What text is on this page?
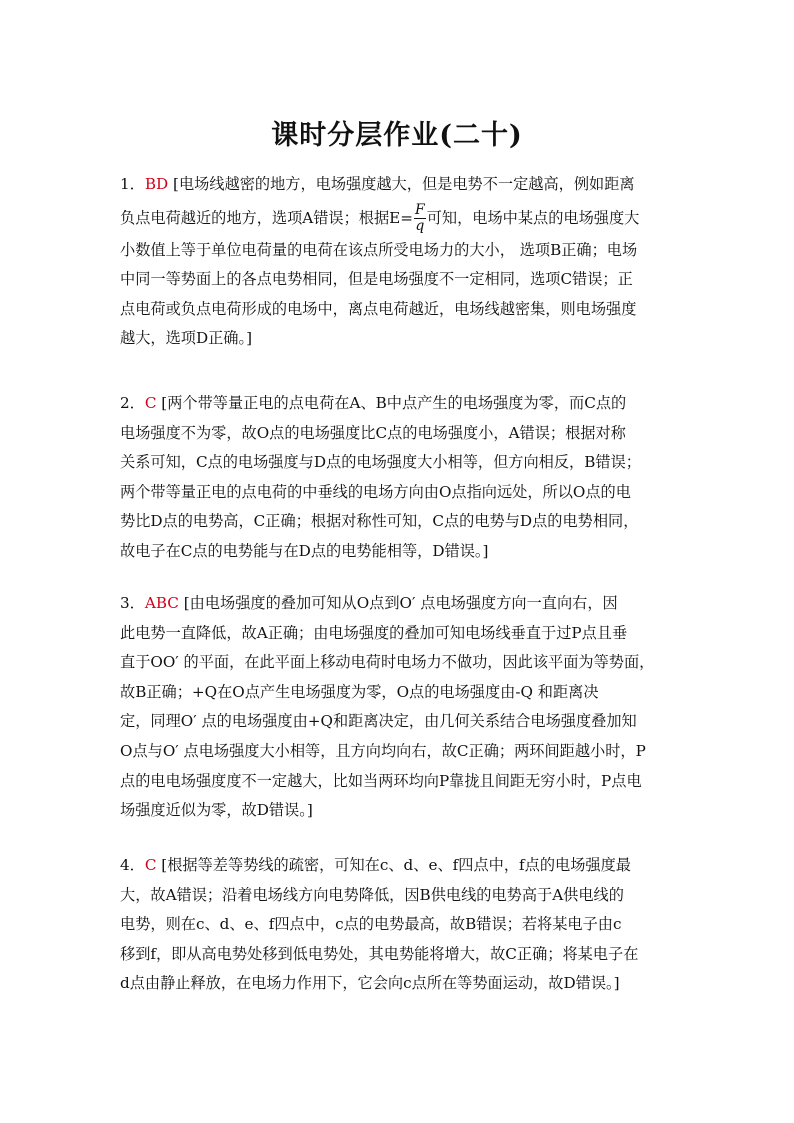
课时分层作业(二十)
1．BD [电场线越密的地方，电场强度越大，但是电势不一定越高，例如距离
负点电荷越近的地方，选项A错误；根据$E= \frac{F}{q}$ 可知，电场中某点的电场强度大
小数值上等于单位电荷量的电荷在该点所受电场力的大小， 选项B正确；电场
中同一等势面上的各点电势相同，但是电场强度不一定相同，选项C错误；正
点电荷或负点电荷形成的电场中，离点电荷越近，电场线越密集，则电场强度
越大，选项D正确。]
2．C [两个带等量正电的点电荷在A、B中点产生的电场强度为零，而C点的
电场强度不为零，故O点的电场强度比C点的电场强度小，A错误；根据对称
关系可知，C点的电场强度与D点的电场强度大小相等，但方向相反，B错误；
两个带等量正电的点电荷的中垂线的电场方向由O点指向远处，所以O点的电
势比D点的电势高，C正确；根据对称性可知，C点的电势与D点的电势相同，
故电子在C点的电势能与在D点的电势能相等，D错误。]
3．ABC [由电场强度的叠加可知从O点到O′ 点电场强度方向一直向右，因
此电势一直降低，故A正确；由电场强度的叠加可知电场线垂直于过P点且垂
直于OO′ 的平面，在此平面上移动电荷时电场力不做功，因此该平面为等势面，
故B正确；+Q在O点产生电场强度为零，O点的电场强度由-Q 和距离决
定，同理O′ 点的电场强度由+Q和距离决定，由几何关系结合电场强度叠加知
O点与O′ 点电场强度大小相等，且方向均向右，故C正确；两环间距越小时，P
点的电电场强度度不一定越大，比如当两环均向P靠拢且间距无穷小时，P点电
场强度近似为零，故D错误。]
4．C [根据等差等势线的疏密，可知在c、d、e、f四点中，f点的电场强度最
大，故A错误；沿着电场线方向电势降低，因B供电线的电势高于A供电线的
电势，则在c、d、e、f四点中，c点的电势最高，故B错误；若将某电子由c
移到f，即从高电势处移到低电势处，其电势能将增大，故C正确；将某电子在
d点由静止释放，在电场力作用下，它会向c点所在等势面运动，故D错误。]
